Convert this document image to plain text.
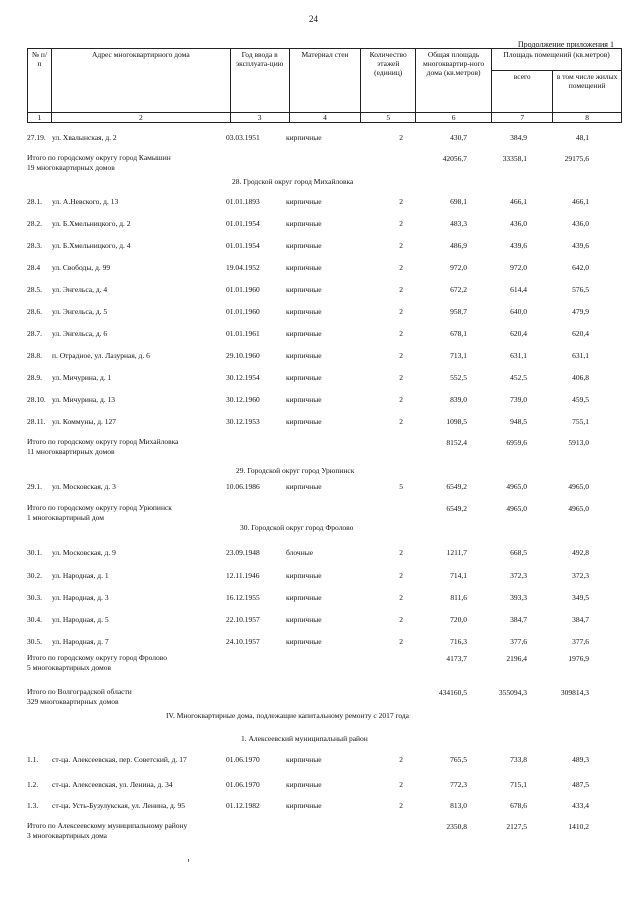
24
Продолжение приложения 1
№ п/п	Адрес многоквартирного дома	Год ввода в эксплуата-цию	Материал стен	Количество этажей (единиц)	Общая площадь многоквартир-ного дома (кв.метров)	Площадь помещений (кв.метров)	
						всего	в том числе жилых помещений
1	2	3	4	5	6	7	8
27.19. ул. Хвалынская, д. 2	03.03.1951	кирпичные	2	430,7	384,9	48,1
Итого по городскому округу город Камышин
19 многоквартирных домов
42056,7	33358,1	29175,6
28. Гродской округ город Михайловка
28.1. ул. А.Невского, д. 13	01.01.1893	кирпичные	2	698,1	466,1	466,1
28.2. ул. Б.Хмельницкого, д. 2	01.01.1954	кирпичные	2	483,3	436,0	436,0
28.3. ул. Б.Хмельницкого, д. 4	01.01.1954	кирпичные	2	486,9	439,6	439,6
28.4 ул. Свободы, д. 99	19.04.1952	кирпичные	2	972,0	972,0	642,0
28.5. ул. Энгельса, д. 4	01.01.1960	кирпичные	2	672,2	614,4	576,5
28.6. ул. Энгельса, д. 5	01.01.1960	кирпичные	2	958,7	640,0	479,9
28.7. ул. Энгельса, д. 6	01.01.1961	кирпичные	2	678,1	620,4	620,4
28.8. п. Отрадное, ул. Лазурная, д. 6	29.10.1960	кирпичные	2	713,1	631,1	631,1
28.9. ул. Мичурина, д. 1	30.12.1954	кирпичные	2	552,5	452,5	406,8
28.10. ул. Мичурина, д. 13	30.12.1960	кирпичные	2	839,0	739,0	459,5
28.11. ул. Коммуны, д. 127	30.12.1953	кирпичные	2	1098,5	948,5	755,1
Итого по городскому округу город Михайловка
11 многоквартирных домов
8152,4	6959,6	5913,0
29. Городской округ город Урюпинск
29.1. ул. Московская, д. 3	10.06.1986	кирпичные	5	6549,2	4965,0	4965,0
Итого по городскому округу город Урюпинск
1 многоквартирный дом
6549,2	4965,0	4965,0
30. Городской округ город Фролово
30.1. ул. Московская, д. 9	23.09.1948	блочные	2	1211,7	668,5	492,8
30.2. ул. Народная, д. 1	12.11.1946	кирпичные	2	714,1	372,3	372,3
30.3. ул. Народная, д. 3	16.12.1955	кирпичные	2	811,6	393,3	349,5
30.4. ул. Народная, д. 5	22.10.1957	кирпичные	2	720,0	384,7	384,7
30.5. ул. Народная, д. 7	24.10.1957	кирпичные	2	716,3	377,6	377,6
Итого по городскому округу город Фролово
5 многоквартирных домов
4173,7	2196,4	1976,9
Итого по Волгоградской области
329 многоквартирных домов
434160,5	355094,3	309814,3
IV. Многоквартирные дома, подлежащие капитальному ремонту с 2017 года
1. Алексеевский муниципальный район
1.1. ст-ца. Алексеевская, пер. Советский, д. 17	01.06.1970	кирпичные	2	765,5	733,8	489,3
1.2. ст-ца. Алексеевская, ул. Ленина, д. 34	01.06.1970	кирпичные	2	772,3	715,1	487,5
1.3. ст-ца. Усть-Бузулукская, ул. Ленина, д. 95	01.12.1982	кирпичные	2	813,0	678,6	433,4
Итого по Алексеевскому муниципальному району
3 многоквартирных дома
2350,8	2127,5	1410,2
